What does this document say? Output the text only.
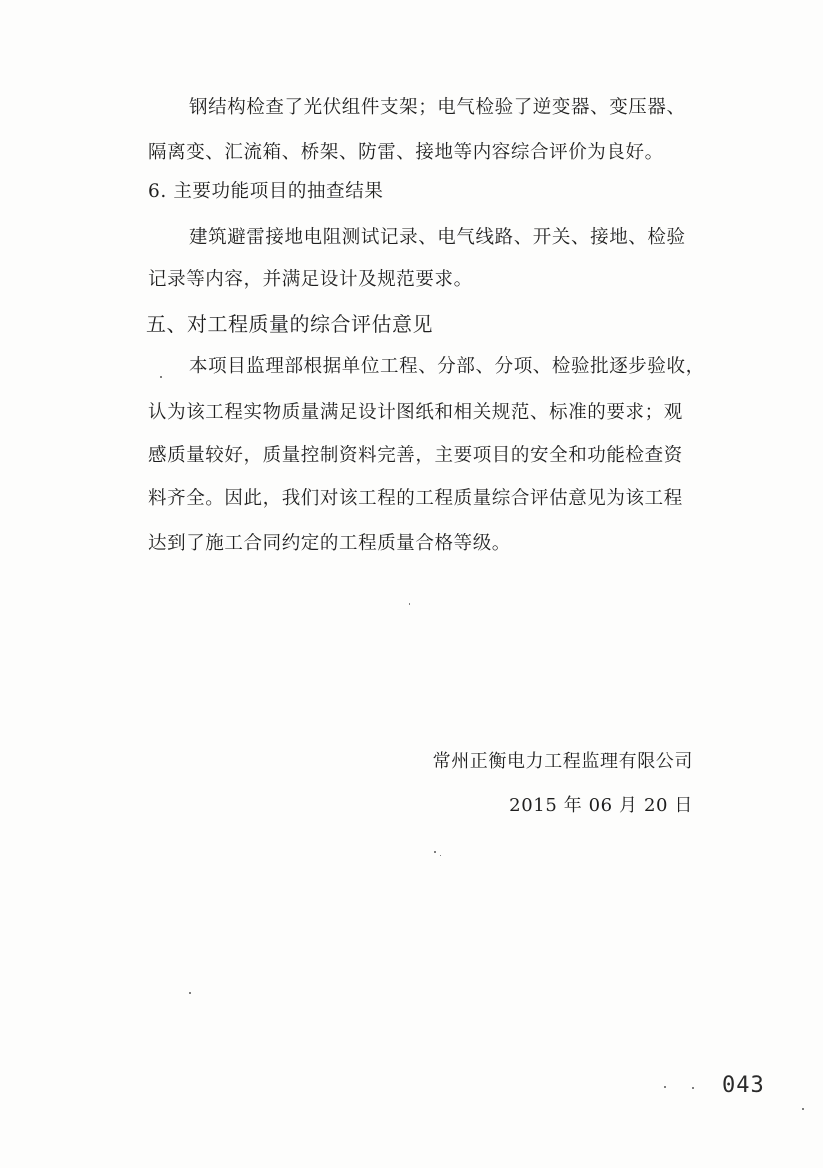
钢结构检查了光伏组件支架；电气检验了逆变器、变压器、
隔离变、汇流箱、桥架、防雷、接地等内容综合评价为良好。
6. 主要功能项目的抽查结果
建筑避雷接地电阻测试记录、电气线路、开关、接地、检验
记录等内容，并满足设计及规范要求。
五、对工程质量的综合评估意见
本项目监理部根据单位工程、分部、分项、检验批逐步验收，
认为该工程实物质量满足设计图纸和相关规范、标准的要求；观
感质量较好，质量控制资料完善，主要项目的安全和功能检查资
料齐全。因此，我们对该工程的工程质量综合评估意见为该工程
达到了施工合同约定的工程质量合格等级。
常州正衡电力工程监理有限公司
2015 年 06 月 20 日
043
